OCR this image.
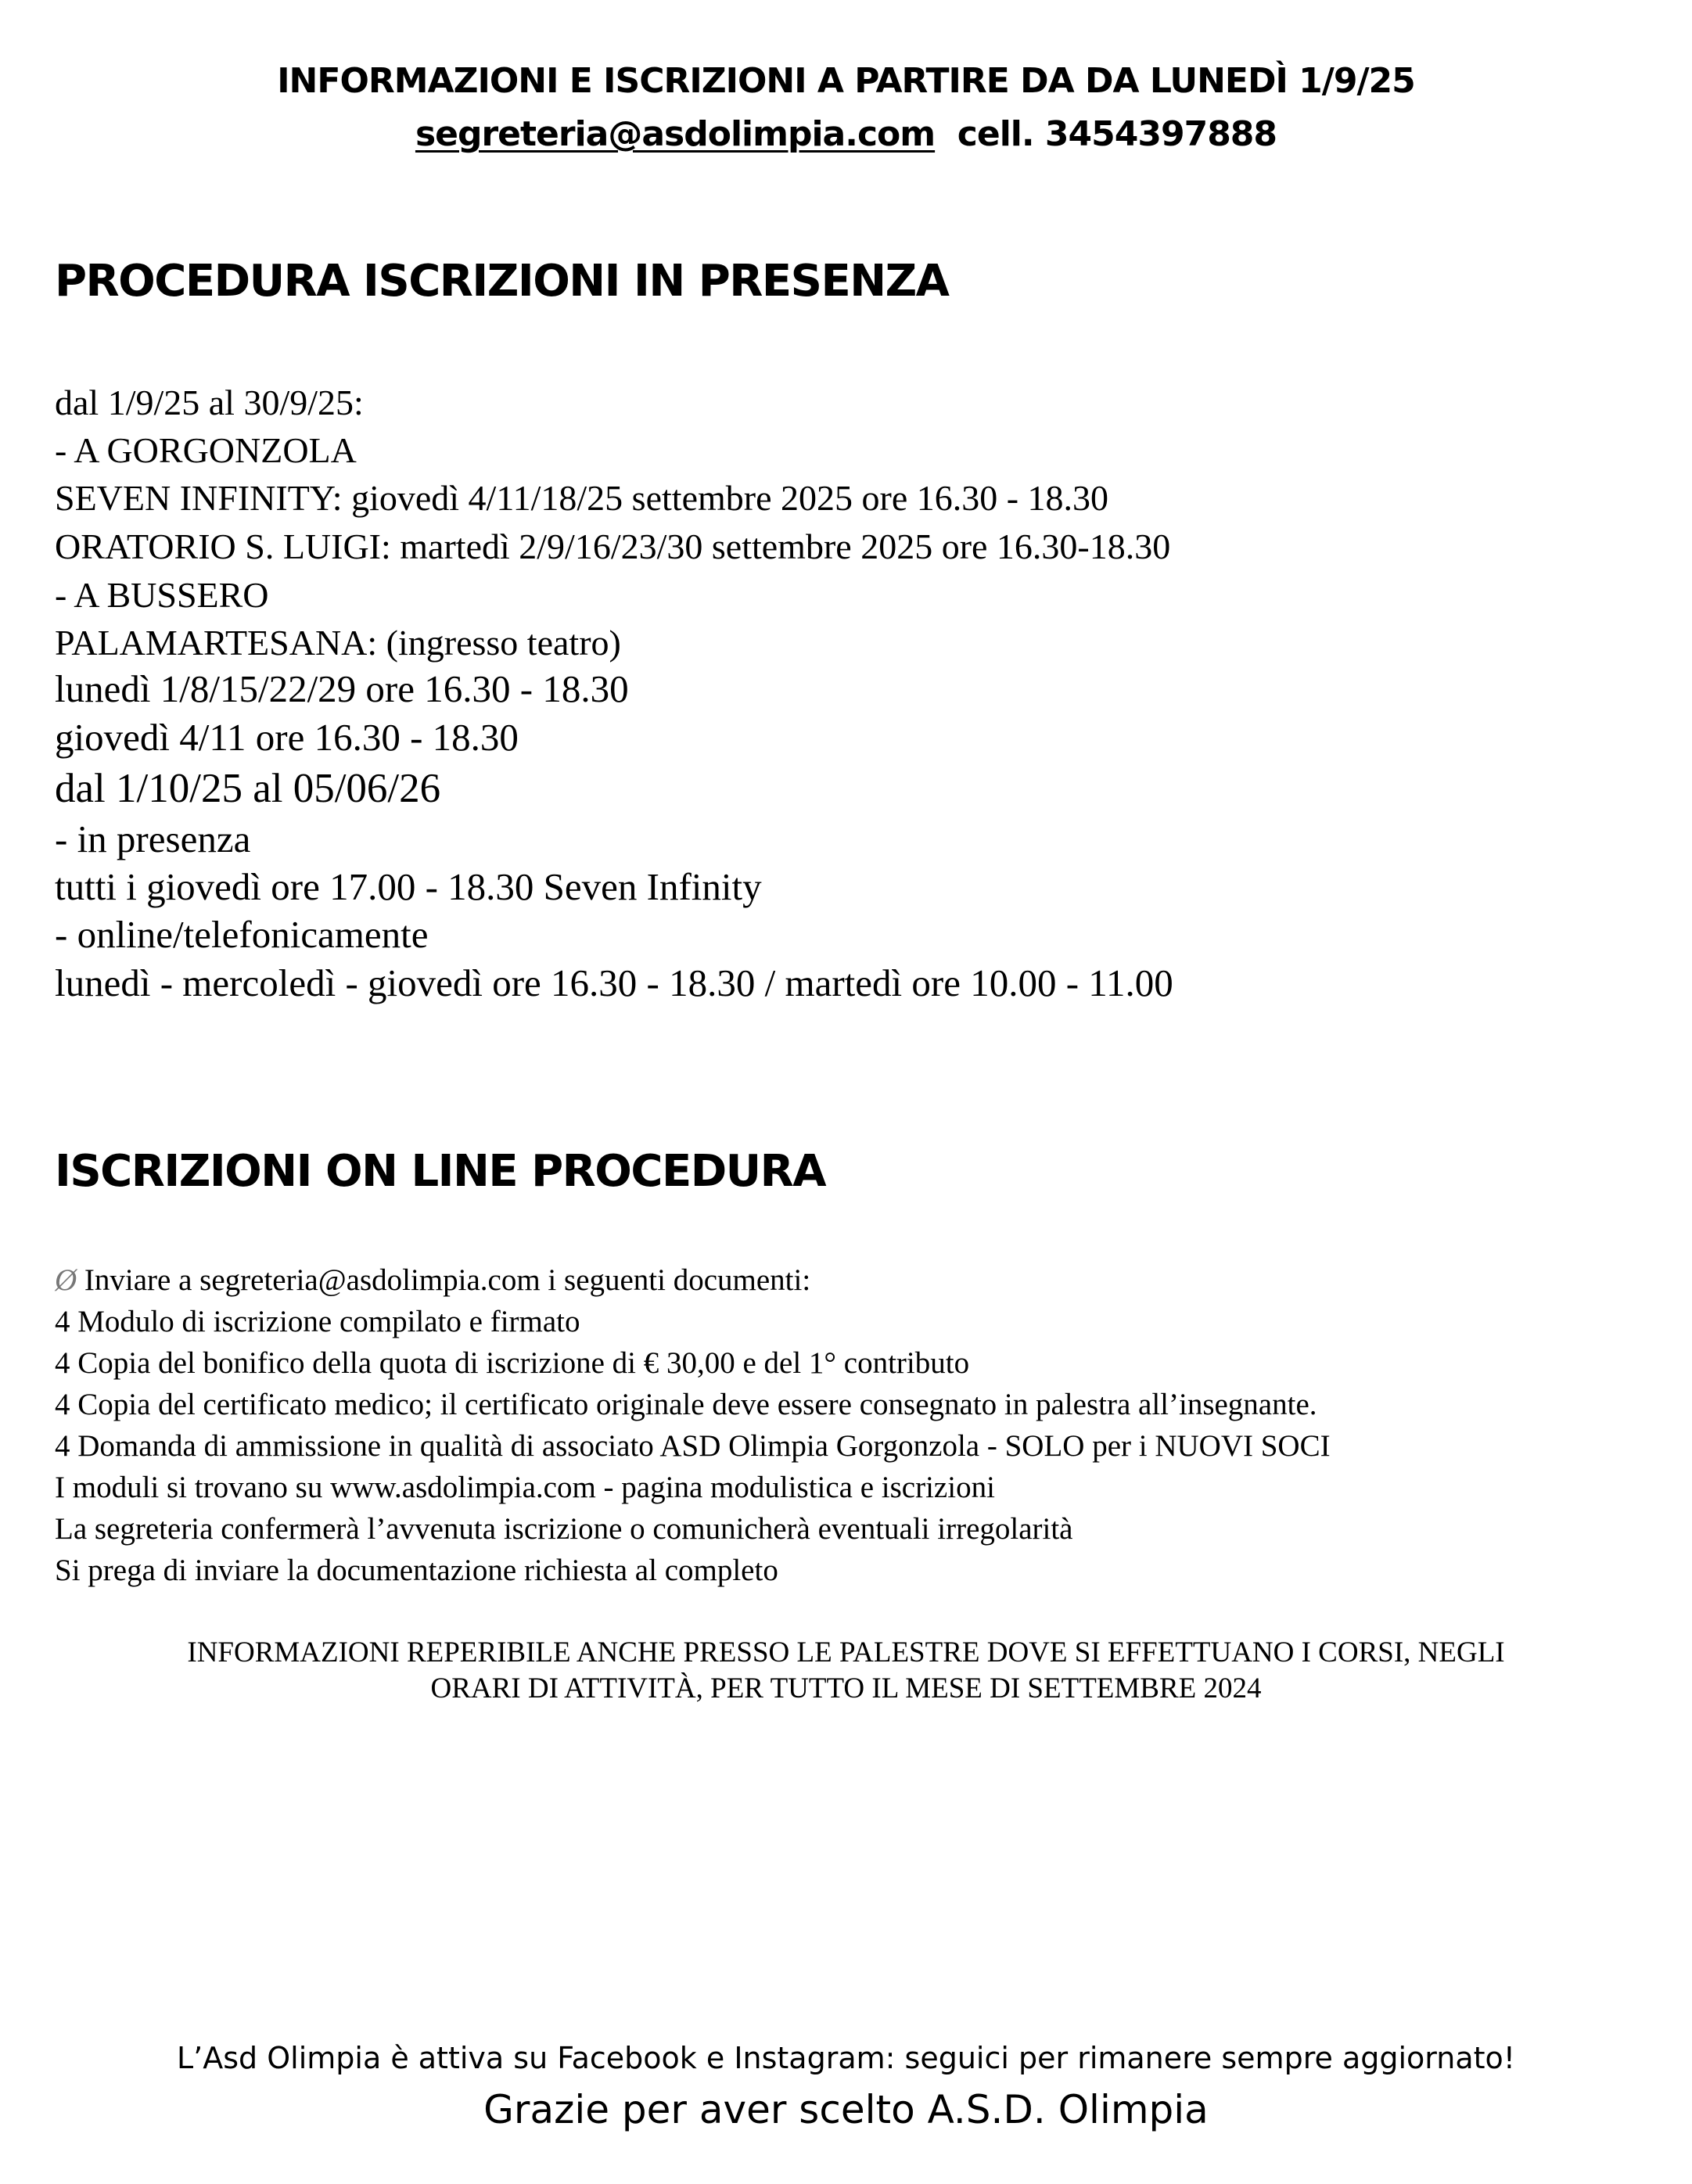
INFORMAZIONI E ISCRIZIONI A PARTIRE DA DA LUNEDÌ 1/9/25
segreteria@asdolimpia.com cell. 3454397888
PROCEDURA ISCRIZIONI IN PRESENZA
dal 1/9/25 al 30/9/25:
- A GORGONZOLA
SEVEN INFINITY: giovedì 4/11/18/25 settembre 2025 ore 16.30 - 18.30
ORATORIO S. LUIGI: martedì 2/9/16/23/30 settembre 2025 ore 16.30-18.30
- A BUSSERO
PALAMARTESANA: (ingresso teatro)
lunedì 1/8/15/22/29 ore 16.30 - 18.30
giovedì 4/11 ore 16.30 - 18.30
dal 1/10/25 al 05/06/26
- in presenza
tutti i giovedì ore 17.00 - 18.30 Seven Infinity
- online/telefonicamente
lunedì - mercoledì - giovedì ore 16.30 - 18.30 / martedì ore 10.00 - 11.00
ISCRIZIONI ON LINE PROCEDURA
Ø Inviare a segreteria@asdolimpia.com i seguenti documenti:
4 Modulo di iscrizione compilato e firmato
4 Copia del bonifico della quota di iscrizione di € 30,00 e del 1° contributo
4 Copia del certificato medico; il certificato originale deve essere consegnato in palestra all’insegnante.
4 Domanda di ammissione in qualità di associato ASD Olimpia Gorgonzola - SOLO per i NUOVI SOCI
I moduli si trovano su www.asdolimpia.com - pagina modulistica e iscrizioni
La segreteria confermerà l’avvenuta iscrizione o comunicherà eventuali irregolarità
Si prega di inviare la documentazione richiesta al completo
INFORMAZIONI REPERIBILE ANCHE PRESSO LE PALESTRE DOVE SI EFFETTUANO I CORSI, NEGLI
ORARI DI ATTIVITÀ, PER TUTTO IL MESE DI SETTEMBRE 2024
L’Asd Olimpia è attiva su Facebook e Instagram: seguici per rimanere sempre aggiornato!
Grazie per aver scelto A.S.D. Olimpia
